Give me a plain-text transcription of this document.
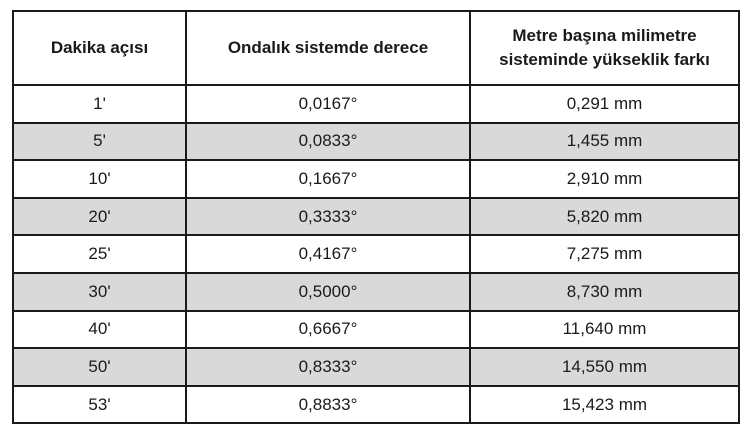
Dakika açısı	Ondalık sistemde derece	Metre başına milimetre
sisteminde yükseklik farkı

1'	0,0167°	0,291 mm
5'	0,0833°	1,455 mm
10'	0,1667°	2,910 mm
20'	0,3333°	5,820 mm
25'	0,4167°	7,275 mm
30'	0,5000°	8,730 mm
40'	0,6667°	11,640 mm
50'	0,8333°	14,550 mm
53'	0,8833°	15,423 mm
